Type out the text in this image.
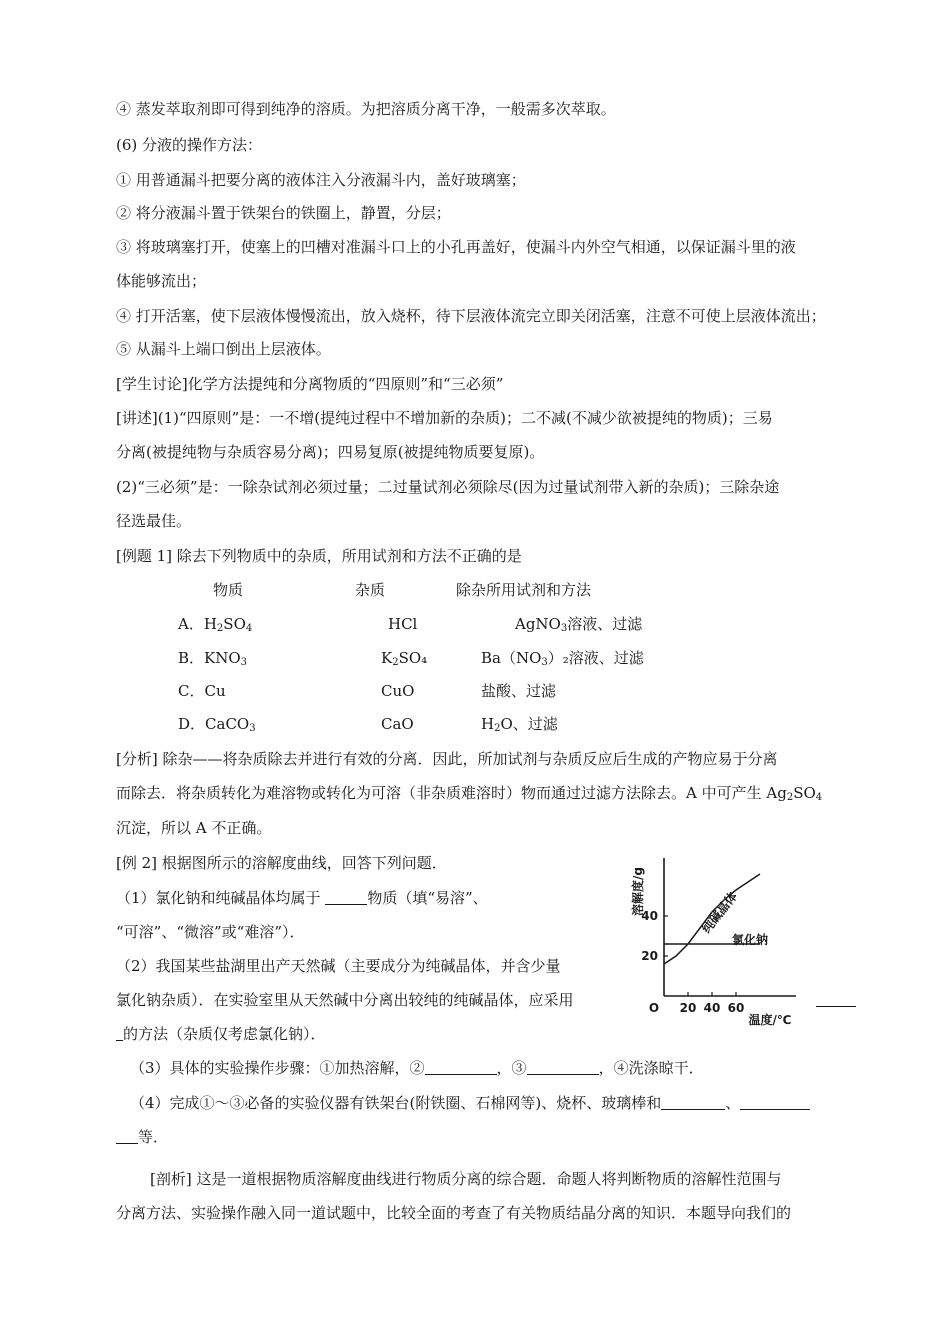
④ 蒸发萃取剂即可得到纯净的溶质。为把溶质分离干净，一般需多次萃取。
(6) 分液的操作方法：
① 用普通漏斗把要分离的液体注入分液漏斗内，盖好玻璃塞；
② 将分液漏斗置于铁架台的铁圈上，静置，分层；
③ 将玻璃塞打开，使塞上的凹槽对准漏斗口上的小孔再盖好，使漏斗内外空气相通，以保证漏斗里的液
体能够流出；
④ 打开活塞，使下层液体慢慢流出，放入烧杯，待下层液体流完立即关闭活塞，注意不可使上层液体流出；
⑤ 从漏斗上端口倒出上层液体。
[学生讨论]化学方法提纯和分离物质的“四原则”和“三必须”
[讲述](1)“四原则”是：一不增(提纯过程中不增加新的杂质)；二不减(不减少欲被提纯的物质)；三易
分离(被提纯物与杂质容易分离)；四易复原(被提纯物质要复原)。
(2)“三必须”是：一除杂试剂必须过量；二过量试剂必须除尽(因为过量试剂带入新的杂质)；三除杂途
径选最佳。
[例题 1] 除去下列物质中的杂质，所用试剂和方法不正确的是
物质	杂质	除杂所用试剂和方法
A．$H_2SO_4$	HCl	AgNO$_3$溶液、过滤
B．$KNO_3$	$K_2SO_4$	$Ba(NO_3)_2$溶液、过滤
C．Cu	CuO	盐酸、过滤
D．CaCO$_3$	CaO	$H_2O$、过滤
[分析] 除杂——将杂质除去并进行有效的分离．因此，所加试剂与杂质反应后生成的产物应易于分离
而除去．将杂质转化为难溶物或转化为可溶（非杂质难溶时）物而通过过滤方法除去。A 中可产生 $Ag_2SO_4$
沉淀，所以 A 不正确。
[例 2] 根据图所示的溶解度曲线，回答下列问题．
（1）氯化钠和纯碱晶体均属于	物质（填“易溶”、
“可溶”、“微溶”或“难溶”）．
（2）我国某些盐湖里出产天然碱（主要成分为纯碱晶体，并含少量
氯化钠杂质）．在实验室里从天然碱中分离出较纯的纯碱晶体，应采用
的方法（杂质仅考虑氯化钠）．
（3）具体的实验操作步骤：①加热溶解，②	，③	，④洗涤晾干．
（4）完成①～③必备的实验仪器有铁架台(附铁圈、石棉网等)、烧杯、玻璃棒和	、
等．
[剖析] 这是一道根据物质溶解度曲线进行物质分离的综合题．命题人将判断物质的溶解性范围与
分离方法、实验操作融入同一道试题中，比较全面的考查了有关物质结晶分离的知识．本题导向我们的
O 20 40 60
20
40
温度/℃
溶解度/g	纯碱晶体
氯化钠
